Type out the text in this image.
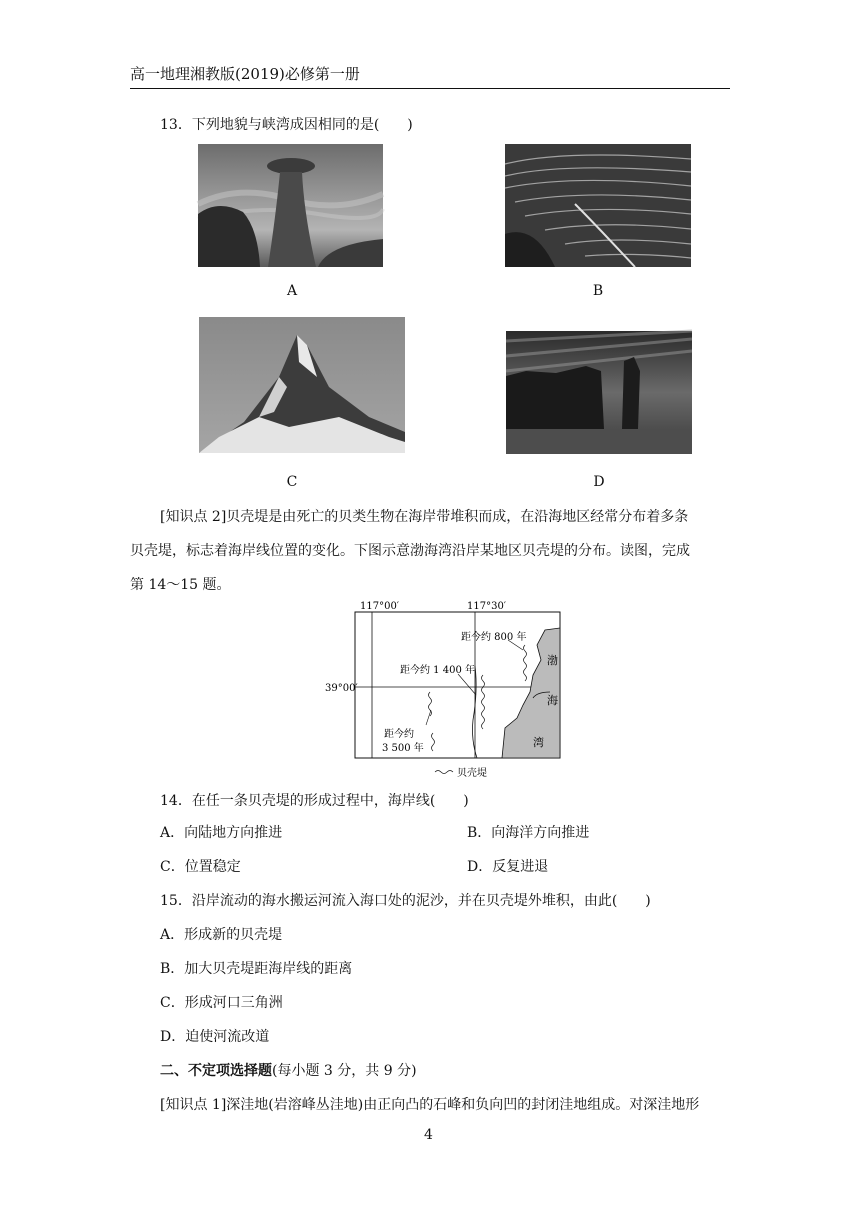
高一地理湘教版(2019)必修第一册
13．下列地貌与峡湾成因相同的是(　　)
A	B
C	D
[知识点 2]贝壳堤是由死亡的贝类生物在海岸带堆积而成，在沿海地区经常分布着多条
贝壳堤，标志着海岸线位置的变化。下图示意渤海湾沿岸某地区贝壳堤的分布。读图，完成
第 14～15 题。
117°00′	117°30′
39°00′
距今约 800 年
距今约 1 400 年
距今约
3 500 年
渤
海
湾
贝壳堤
14．在任一条贝壳堤的形成过程中，海岸线(　　)
A．向陆地方向推进	B．向海洋方向推进
C．位置稳定	D．反复进退
15．沿岸流动的海水搬运河流入海口处的泥沙，并在贝壳堤外堆积，由此(　　)
A．形成新的贝壳堤
B．加大贝壳堤距海岸线的距离
C．形成河口三角洲
D．迫使河流改道
二、不定项选择题(每小题 3 分，共 9 分)
[知识点 1]深洼地(岩溶峰丛洼地)由正向凸的石峰和负向凹的封闭洼地组成。对深洼地形
4
